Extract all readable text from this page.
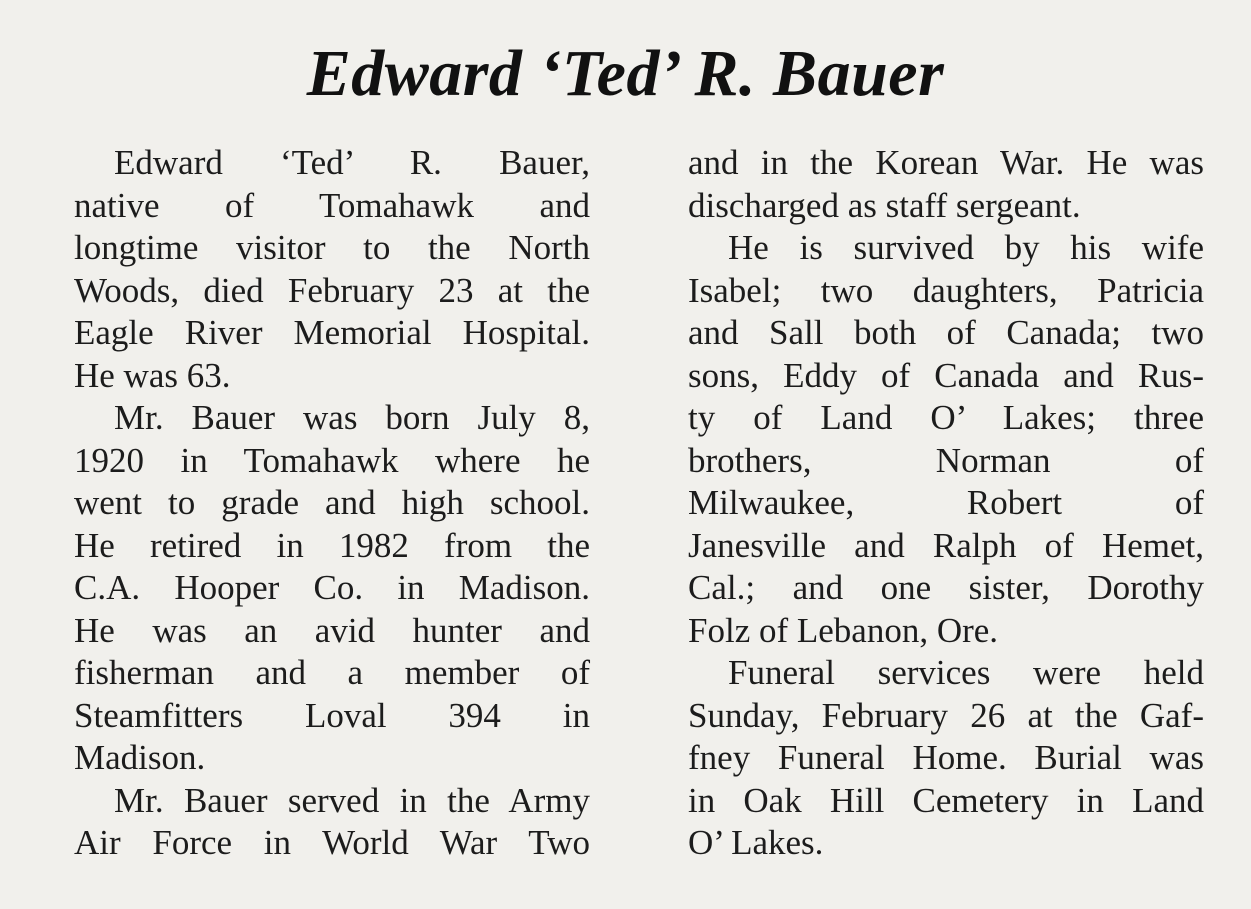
Edward ‘Ted’ R. Bauer
Edward ‘Ted’ R. Bauer,
native of Tomahawk and
longtime visitor to the North
Woods, died February 23 at the
Eagle River Memorial Hospital.
He was 63.
Mr. Bauer was born July 8,
1920 in Tomahawk where he
went to grade and high school.
He retired in 1982 from the
C.A. Hooper Co. in Madison.
He was an avid hunter and
fisherman and a member of
Steamfitters Loval 394 in
Madison.
Mr. Bauer served in the Army
Air Force in World War Two
and in the Korean War. He was
discharged as staff sergeant.
He is survived by his wife
Isabel; two daughters, Patricia
and Sall both of Canada; two
sons, Eddy of Canada and Rus-
ty of Land O’ Lakes; three
brothers, Norman of
Milwaukee, Robert of
Janesville and Ralph of Hemet,
Cal.; and one sister, Dorothy
Folz of Lebanon, Ore.
Funeral services were held
Sunday, February 26 at the Gaf-
fney Funeral Home. Burial was
in Oak Hill Cemetery in Land
O’ Lakes.
